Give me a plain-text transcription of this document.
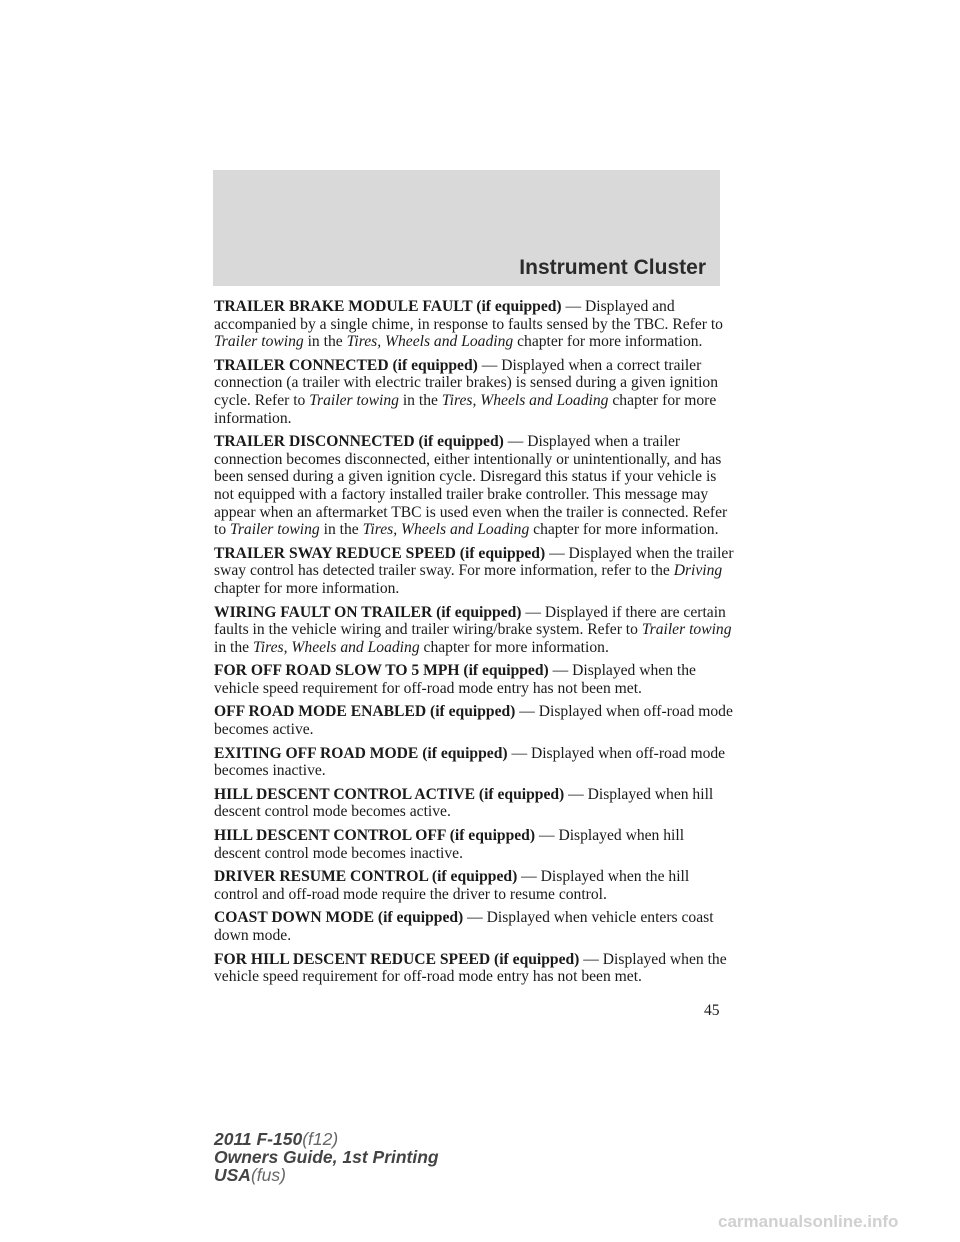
Instrument Cluster

TRAILER BRAKE MODULE FAULT (if equipped) — Displayed and accompanied by a single chime, in response to faults sensed by the TBC. Refer to Trailer towing in the Tires, Wheels and Loading chapter for more information.

TRAILER CONNECTED (if equipped) — Displayed when a correct trailer connection (a trailer with electric trailer brakes) is sensed during a given ignition cycle. Refer to Trailer towing in the Tires, Wheels and Loading chapter for more information.

TRAILER DISCONNECTED (if equipped) — Displayed when a trailer connection becomes disconnected, either intentionally or unintentionally, and has been sensed during a given ignition cycle. Disregard this status if your vehicle is not equipped with a factory installed trailer brake controller. This message may appear when an aftermarket TBC is used even when the trailer is connected. Refer to Trailer towing in the Tires, Wheels and Loading chapter for more information.

TRAILER SWAY REDUCE SPEED (if equipped) — Displayed when the trailer sway control has detected trailer sway. For more information, refer to the Driving chapter for more information.

WIRING FAULT ON TRAILER (if equipped) — Displayed if there are certain faults in the vehicle wiring and trailer wiring/brake system. Refer to Trailer towing in the Tires, Wheels and Loading chapter for more information.

FOR OFF ROAD SLOW TO 5 MPH (if equipped) — Displayed when the vehicle speed requirement for off-road mode entry has not been met.

OFF ROAD MODE ENABLED (if equipped) — Displayed when off-road mode becomes active.

EXITING OFF ROAD MODE (if equipped) — Displayed when off-road mode becomes inactive.

HILL DESCENT CONTROL ACTIVE (if equipped) — Displayed when hill descent control mode becomes active.

HILL DESCENT CONTROL OFF (if equipped) — Displayed when hill descent control mode becomes inactive.

DRIVER RESUME CONTROL (if equipped) — Displayed when the hill control and off-road mode require the driver to resume control.

COAST DOWN MODE (if equipped) — Displayed when vehicle enters coast down mode.

FOR HILL DESCENT REDUCE SPEED (if equipped) — Displayed when the vehicle speed requirement for off-road mode entry has not been met.

45
2011 F-150(f12)
Owners Guide, 1st Printing
USA(fus)
carmanualsonline.info
